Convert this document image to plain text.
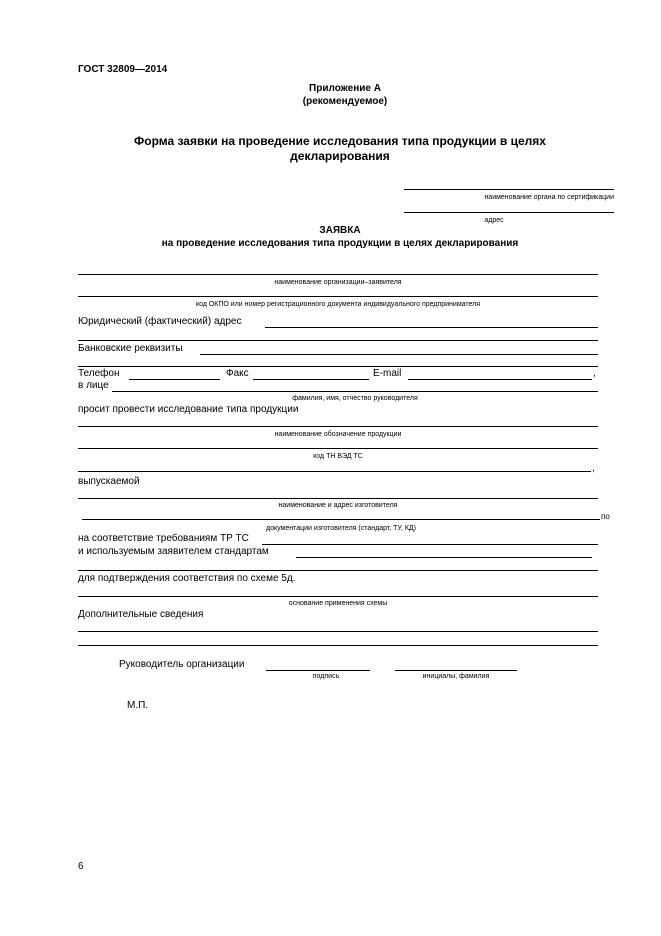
ГОСТ 32809—2014
Приложение А
(рекомендуемое)
Форма заявки на проведение исследования типа продукции в целях
декларирования
наименование органа по сертификации
адрес
ЗАЯВКА
на проведение исследования типа продукции в целях декларирования
наименование организации–заявителя
код ОКПО или номер регистрационного документа индивидуального предпринимателя
Юридический (фактический) адрес
Банковские реквизиты
Телефон	Факс	E-mail	,
в лице
фамилия, имя, отчество руководителя
просит провести исследование типа продукции
наименование обозначение продукции
код ТН ВЭД ТС
,
выпускаемой
наименование и адрес изготовителя
по
документации изготовителя (стандарт, ТУ, КД)
на соответствие требованиям ТР ТС
и используемым заявителем стандартам
для подтверждения соответствия по схеме 5д.
основание применения схемы
Дополнительные сведения
Руководитель организации
подпись	инициалы, фамилия
М.П.
6
